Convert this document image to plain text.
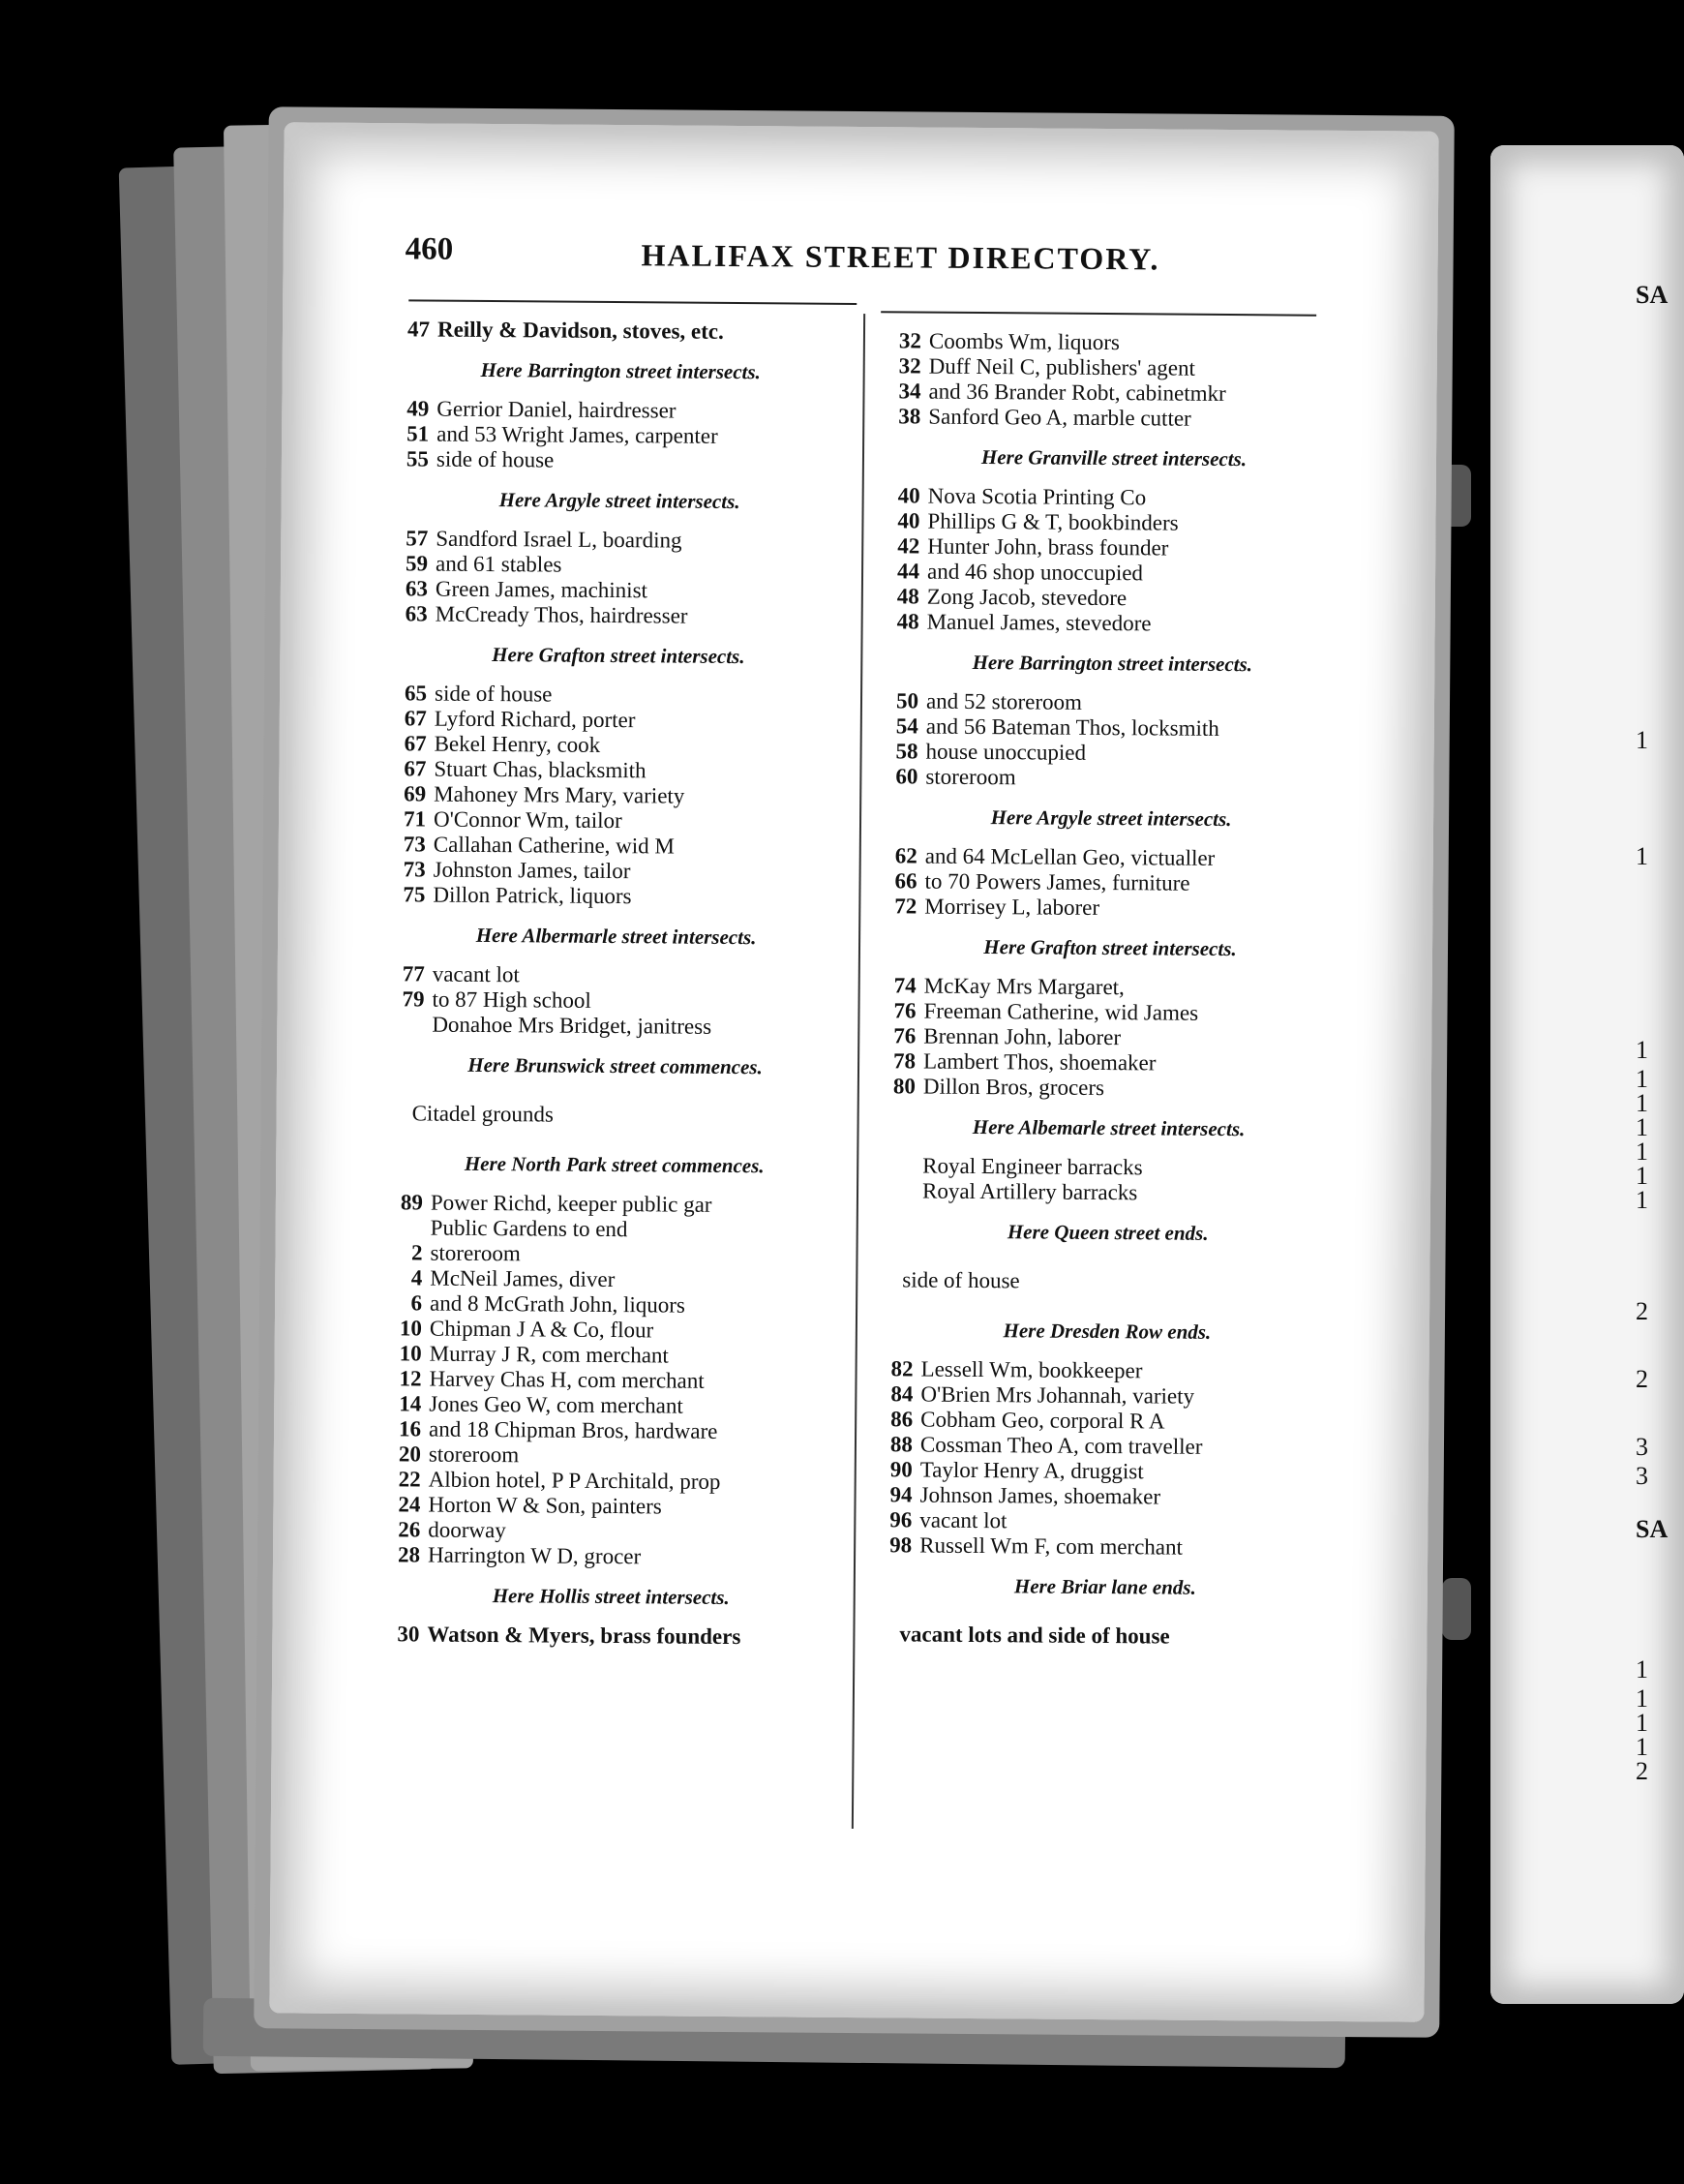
SA
1
1
1
1
1
1
1
1
1
2
2
3
3
SA
1
1
1
1
2
460	HALIFAX STREET DIRECTORY.
47 Reilly & Davidson, stoves, etc.
Here Barrington street intersects.
49 Gerrior Daniel, hairdresser
51 and 53 Wright James, carpenter
55 side of house
Here Argyle street intersects.
57 Sandford Israel L, boarding
59 and 61 stables
63 Green James, machinist
63 McCready Thos, hairdresser
Here Grafton street intersects.
65 side of house
67 Lyford Richard, porter
67 Bekel Henry, cook
67 Stuart Chas, blacksmith
69 Mahoney Mrs Mary, variety
71 O'Connor Wm, tailor
73 Callahan Catherine, wid M
73 Johnston James, tailor
75 Dillon Patrick, liquors
Here Albermarle street intersects.
77 vacant lot
79 to 87 High school
Donahoe Mrs Bridget, janitress
Here Brunswick street commences.
Citadel grounds
Here North Park street commences.
89 Power Richd, keeper public gar
Public Gardens to end
2 storeroom
4 McNeil James, diver
6 and 8 McGrath John, liquors
10 Chipman J A & Co, flour
10 Murray J R, com merchant
12 Harvey Chas H, com merchant
14 Jones Geo W, com merchant
16 and 18 Chipman Bros, hardware
20 storeroom
22 Albion hotel, P P Architald, prop
24 Horton W & Son, painters
26 doorway
28 Harrington W D, grocer
Here Hollis street intersects.
30 Watson & Myers, brass founders
32 Coombs Wm, liquors
32 Duff Neil C, publishers' agent
34 and 36 Brander Robt, cabinetmkr
38 Sanford Geo A, marble cutter
Here Granville street intersects.
40 Nova Scotia Printing Co
40 Phillips G & T, bookbinders
42 Hunter John, brass founder
44 and 46 shop unoccupied
48 Zong Jacob, stevedore
48 Manuel James, stevedore
Here Barrington street intersects.
50 and 52 storeroom
54 and 56 Bateman Thos, locksmith
58 house unoccupied
60 storeroom
Here Argyle street intersects.
62 and 64 McLellan Geo, victualler
66 to 70 Powers James, furniture
72 Morrisey L, laborer
Here Grafton street intersects.
74 McKay Mrs Margaret,
76 Freeman Catherine, wid James
76 Brennan John, laborer
78 Lambert Thos, shoemaker
80 Dillon Bros, grocers
Here Albemarle street intersects.
Royal Engineer barracks
Royal Artillery barracks
Here Queen street ends.
side of house
Here Dresden Row ends.
82 Lessell Wm, bookkeeper
84 O'Brien Mrs Johannah, variety
86 Cobham Geo, corporal R A
88 Cossman Theo A, com traveller
90 Taylor Henry A, druggist
94 Johnson James, shoemaker
96 vacant lot
98 Russell Wm F, com merchant
Here Briar lane ends.
vacant lots and side of house
